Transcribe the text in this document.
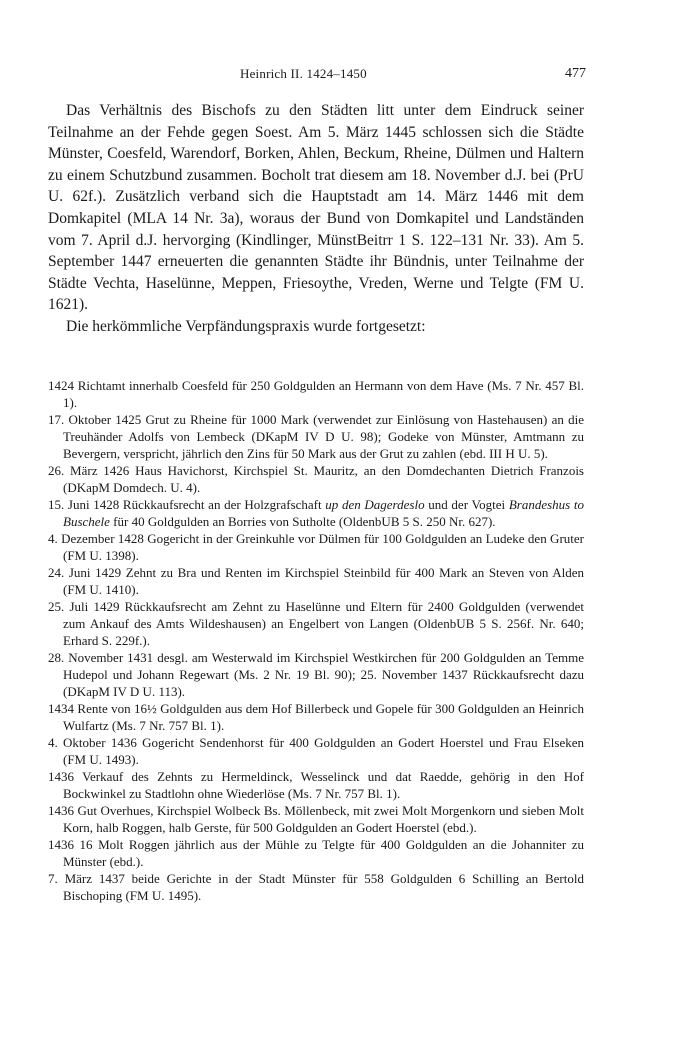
Heinrich II. 1424–1450	477

Das Verhältnis des Bischofs zu den Städten litt unter dem Eindruck seiner Teilnahme an der Fehde gegen Soest. Am 5. März 1445 schlossen sich die Städte Münster, Coesfeld, Warendorf, Borken, Ahlen, Beckum, Rheine, Dülmen und Haltern zu einem Schutzbund zusammen. Bocholt trat diesem am 18. November d.J. bei (PrU U. 62f.). Zusätzlich verband sich die Hauptstadt am 14. März 1446 mit dem Domkapitel (MLA 14 Nr. 3a), woraus der Bund von Domkapitel und Landständen vom 7. April d.J. hervorging (Kindlinger, MünstBeitrr 1 S. 122–131 Nr. 33). Am 5. September 1447 erneuerten die genannten Städte ihr Bündnis, unter Teilnahme der Städte Vechta, Haselünne, Meppen, Friesoythe, Vreden, Werne und Telgte (FM U. 1621).

Die herkömmliche Verpfändungspraxis wurde fortgesetzt:

1424 Richtamt innerhalb Coesfeld für 250 Goldgulden an Hermann von dem Have (Ms. 7 Nr. 457 Bl. 1).

17. Oktober 1425 Grut zu Rheine für 1000 Mark (verwendet zur Einlösung von Hastehausen) an die Treuhänder Adolfs von Lembeck (DKapM IV D U. 98); Godeke von Münster, Amtmann zu Bevergern, verspricht, jährlich den Zins für 50 Mark aus der Grut zu zahlen (ebd. III H U. 5).

26. März 1426 Haus Havichorst, Kirchspiel St. Mauritz, an den Domdechanten Dietrich Franzois (DKapM Domdech. U. 4).

15. Juni 1428 Rückkaufsrecht an der Holzgrafschaft up den Dagerdeslo und der Vogtei Brandeshus to Buschele für 40 Goldgulden an Borries von Sutholte (OldenbUB 5 S. 250 Nr. 627).

4. Dezember 1428 Gogericht in der Greinkuhle vor Dülmen für 100 Goldgulden an Ludeke den Gruter (FM U. 1398).

24. Juni 1429 Zehnt zu Bra und Renten im Kirchspiel Steinbild für 400 Mark an Steven von Alden (FM U. 1410).

25. Juli 1429 Rückkaufsrecht am Zehnt zu Haselünne und Eltern für 2400 Goldgulden (verwendet zum Ankauf des Amts Wildeshausen) an Engelbert von Langen (OldenbUB 5 S. 256f. Nr. 640; Erhard S. 229f.).

28. November 1431 desgl. am Westerwald im Kirchspiel Westkirchen für 200 Goldgulden an Temme Hudepol und Johann Regewart (Ms. 2 Nr. 19 Bl. 90); 25. November 1437 Rückkaufsrecht dazu (DKapM IV D U. 113).

1434 Rente von 16½ Goldgulden aus dem Hof Billerbeck und Gopele für 300 Goldgulden an Heinrich Wulfartz (Ms. 7 Nr. 757 Bl. 1).

4. Oktober 1436 Gogericht Sendenhorst für 400 Goldgulden an Godert Hoerstel und Frau Elseken (FM U. 1493).

1436 Verkauf des Zehnts zu Hermeldinck, Wesselinck und dat Raedde, gehörig in den Hof Bockwinkel zu Stadtlohn ohne Wiederlöse (Ms. 7 Nr. 757 Bl. 1).

1436 Gut Overhues, Kirchspiel Wolbeck Bs. Möllenbeck, mit zwei Molt Morgenkorn und sieben Molt Korn, halb Roggen, halb Gerste, für 500 Goldgulden an Godert Hoerstel (ebd.).

1436 16 Molt Roggen jährlich aus der Mühle zu Telgte für 400 Goldgulden an die Johanniter zu Münster (ebd.).

7. März 1437 beide Gerichte in der Stadt Münster für 558 Goldgulden 6 Schilling an Bertold Bischoping (FM U. 1495).
